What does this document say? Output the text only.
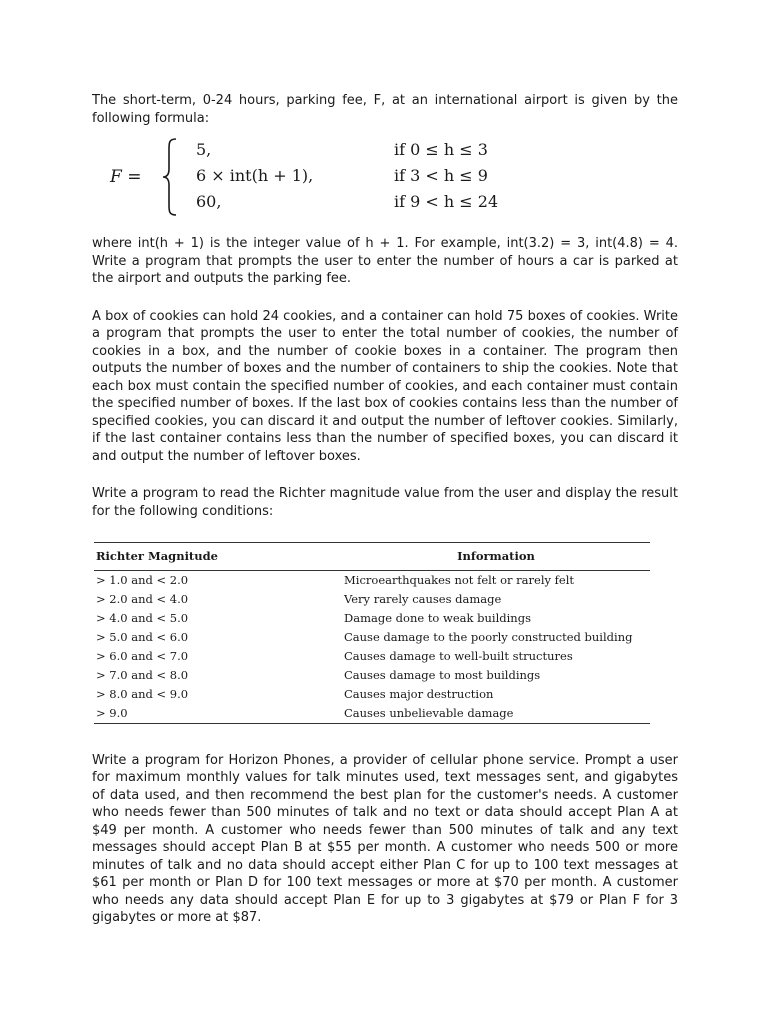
The short-term, 0-24 hours, parking fee, F, at an international airport is given by the following formula:

F =
5,	if 0 ≤ h ≤ 3
6 × int(h + 1),	if 3 < h ≤ 9
60,	if 9 < h ≤ 24

where int(h + 1) is the integer value of h + 1. For example, int(3.2) = 3, int(4.8) = 4. Write a program that prompts the user to enter the number of hours a car is parked at the airport and outputs the parking fee.

A box of cookies can hold 24 cookies, and a container can hold 75 boxes of cookies. Write a program that prompts the user to enter the total number of cookies, the number of cookies in a box, and the number of cookie boxes in a container. The program then outputs the number of boxes and the number of containers to ship the cookies. Note that each box must contain the specified number of cookies, and each container must contain the specified number of boxes. If the last box of cookies contains less than the number of specified cookies, you can discard it and output the number of leftover cookies. Similarly, if the last container contains less than the number of specified boxes, you can discard it and output the number of leftover boxes.

Write a program to read the Richter magnitude value from the user and display the result for the following conditions:

Richter Magnitude	Information
> 1.0 and < 2.0	Microearthquakes not felt or rarely felt
> 2.0 and < 4.0	Very rarely causes damage
> 4.0 and < 5.0	Damage done to weak buildings
> 5.0 and < 6.0	Cause damage to the poorly constructed building
> 6.0 and < 7.0	Causes damage to well-built structures
> 7.0 and < 8.0	Causes damage to most buildings
> 8.0 and < 9.0	Causes major destruction
> 9.0	Causes unbelievable damage

Write a program for Horizon Phones, a provider of cellular phone service. Prompt a user for maximum monthly values for talk minutes used, text messages sent, and gigabytes of data used, and then recommend the best plan for the customer's needs. A customer who needs fewer than 500 minutes of talk and no text or data should accept Plan A at $49 per month. A customer who needs fewer than 500 minutes of talk and any text messages should accept Plan B at $55 per month. A customer who needs 500 or more minutes of talk and no data should accept either Plan C for up to 100 text messages at $61 per month or Plan D for 100 text messages or more at $70 per month. A customer who needs any data should accept Plan E for up to 3 gigabytes at $79 or Plan F for 3 gigabytes or more at $87.
